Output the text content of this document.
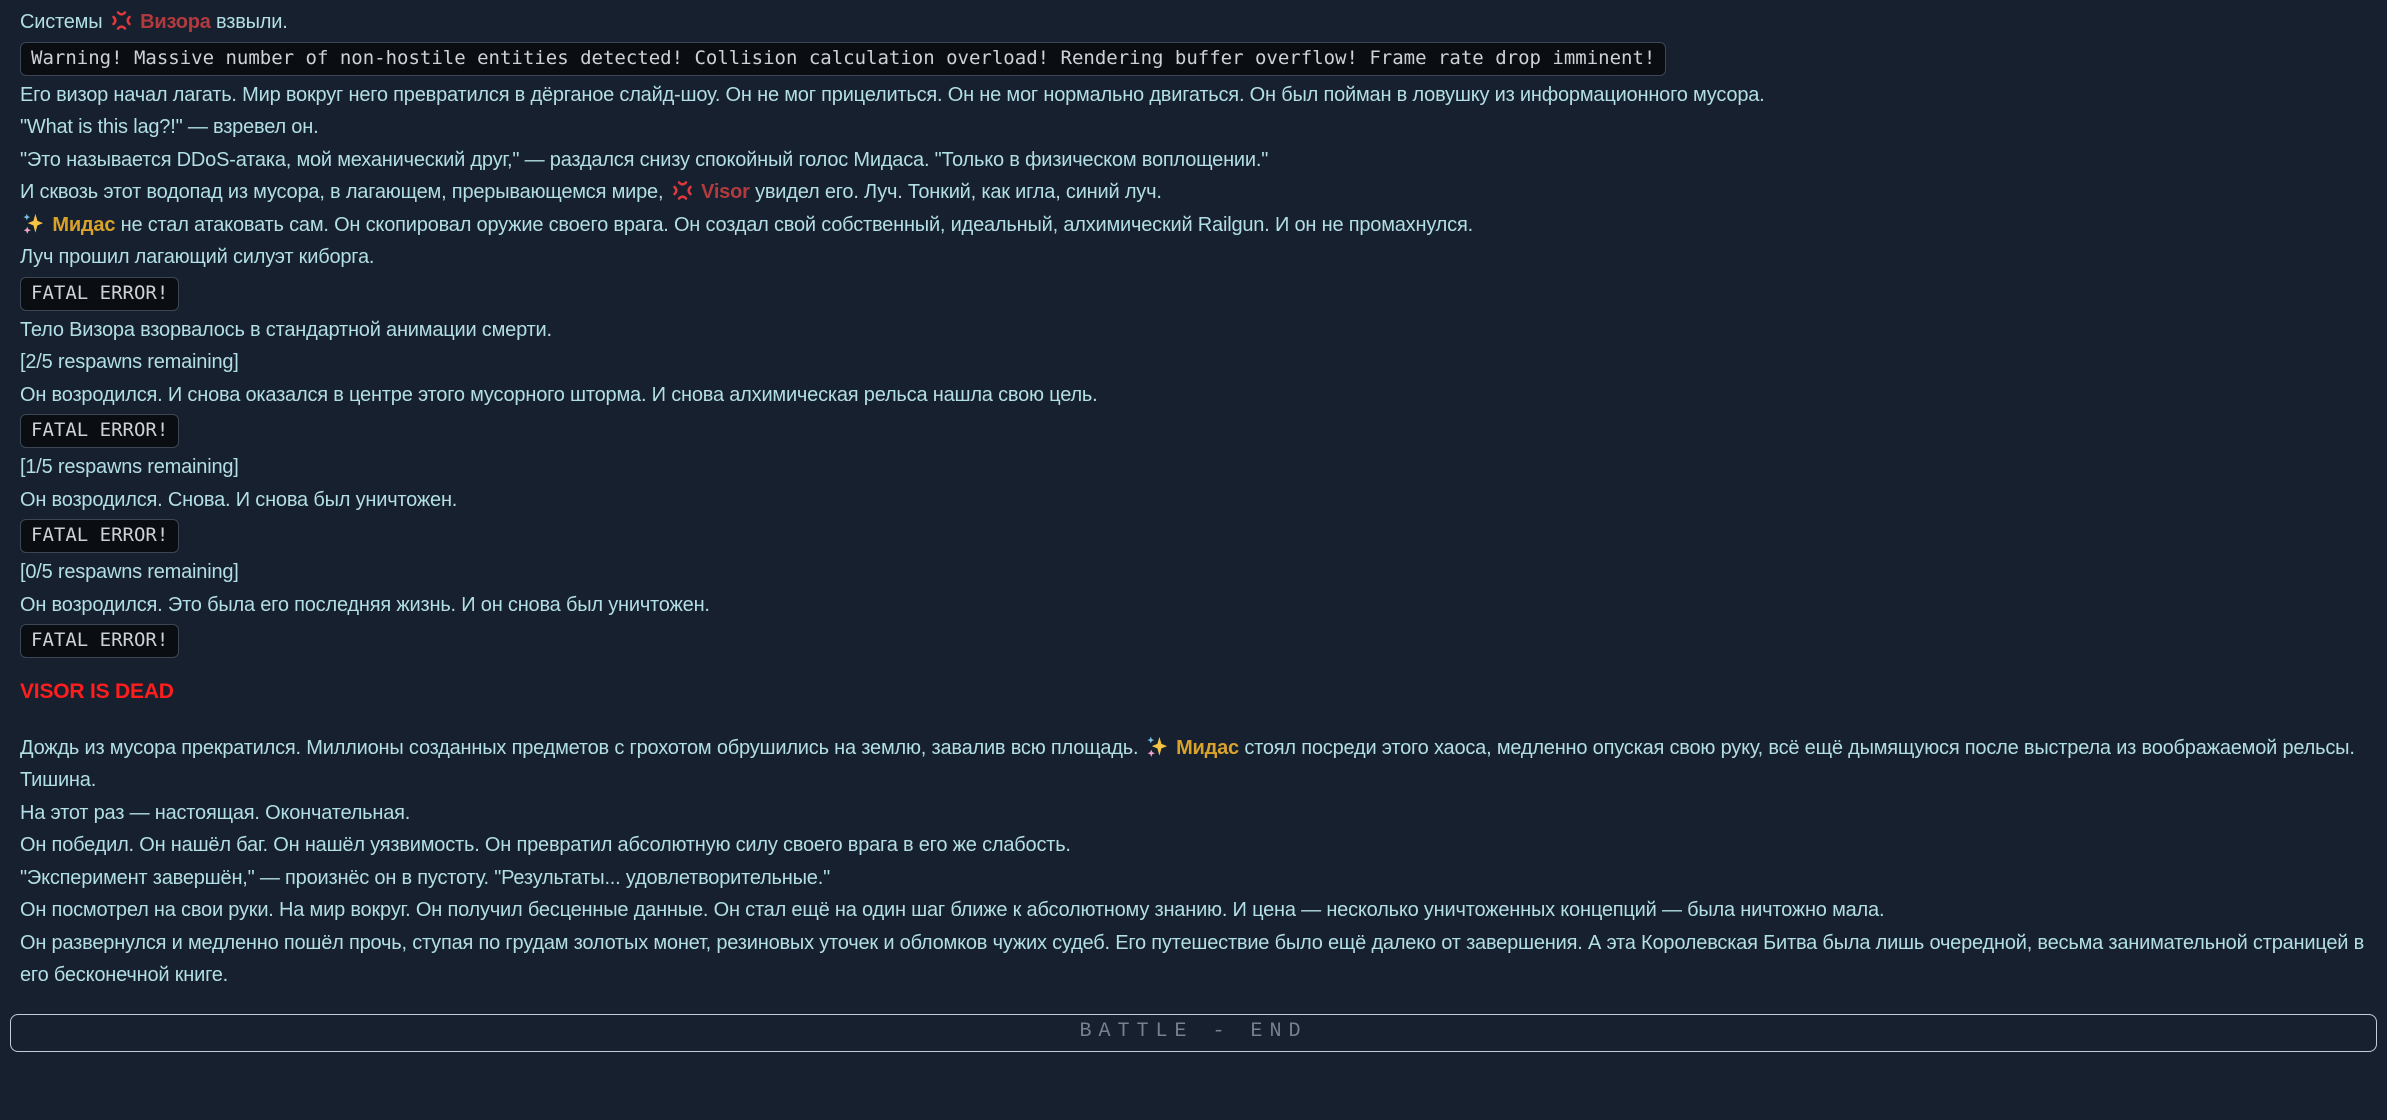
Системы
Визора взвыли.
Warning! Massive number of non-hostile entities detected! Collision calculation overload! Rendering buffer overflow! Frame rate drop imminent!
Его визор начал лагать. Мир вокруг него превратился в дёрганое слайд-шоу. Он не мог прицелиться. Он не мог нормально двигаться. Он был пойман в ловушку из информационного мусора.
"What is this lag?!" — взревел он.
"Это называется DDoS-атака, мой механический друг," — раздался снизу спокойный голос Мидаса. "Только в физическом воплощении."
И сквозь этот водопад из мусора, в лагающем, прерывающемся мире,
Visor увидел его. Луч. Тонкий, как игла, синий луч.
Мидас не стал атаковать сам. Он скопировал оружие своего врага. Он создал свой собственный, идеальный, алхимический Railgun. И он не промахнулся.
Луч прошил лагающий силуэт киборга.
FATAL ERROR!
Тело Визора взорвалось в стандартной анимации смерти.
[2/5 respawns remaining]
Он возродился. И снова оказался в центре этого мусорного шторма. И снова алхимическая рельса нашла свою цель.
FATAL ERROR!
[1/5 respawns remaining]
Он возродился. Снова. И снова был уничтожен.
FATAL ERROR!
[0/5 respawns remaining]
Он возродился. Это была его последняя жизнь. И он снова был уничтожен.
FATAL ERROR!
VISOR IS DEAD
Дождь из мусора прекратился. Миллионы созданных предметов с грохотом обрушились на землю, завалив всю площадь.
Мидас стоял посреди этого хаоса, медленно опуская свою руку, всё ещё дымящуюся после выстрела из воображаемой рельсы.
Тишина.
На этот раз — настоящая. Окончательная.
Он победил. Он нашёл баг. Он нашёл уязвимость. Он превратил абсолютную силу своего врага в его же слабость.
"Эксперимент завершён," — произнёс он в пустоту. "Результаты... удовлетворительные."
Он посмотрел на свои руки. На мир вокруг. Он получил бесценные данные. Он стал ещё на один шаг ближе к абсолютному знанию. И цена — несколько уничтоженных концепций — была ничтожно мала.
Он развернулся и медленно пошёл прочь, ступая по грудам золотых монет, резиновых уточек и обломков чужих судеб. Его путешествие было ещё далеко от завершения. А эта Королевская Битва была лишь очередной, весьма занимательной страницей в его бесконечной книге.
BATTLE - END
